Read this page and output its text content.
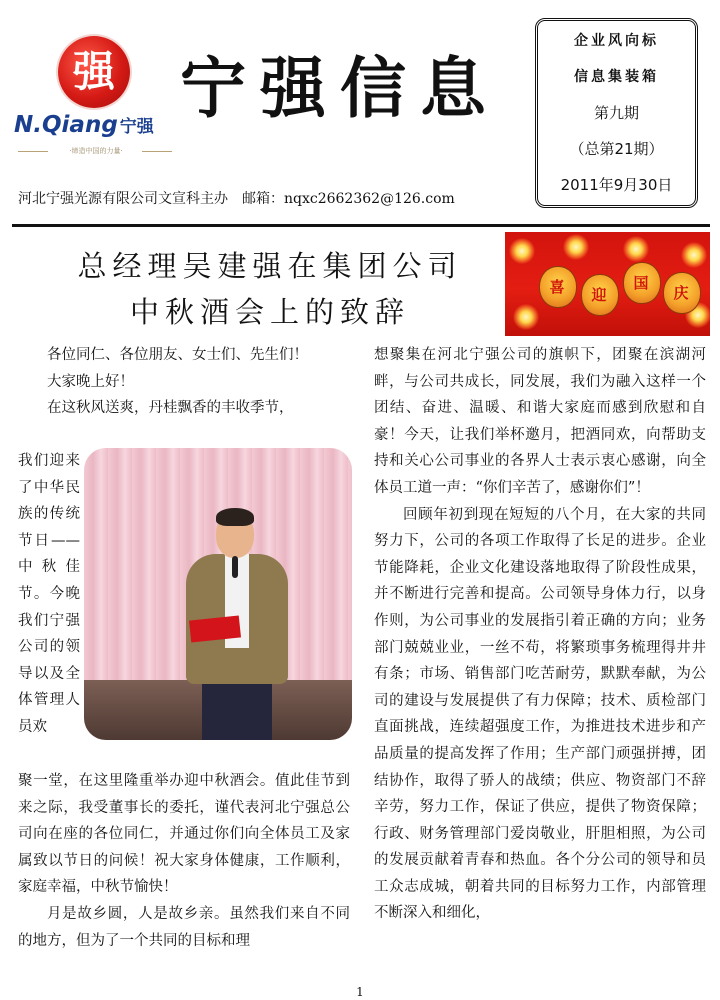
强
N.Qiang 宁强
·缔造中国的力量·
宁强信息
河北宁强光源有限公司文宣科主办　邮箱：nqxc2662362@126.com
企业风向标
信息集装箱
第九期
（总第21期）
2011年9月30日
总经理吴建强在集团公司
中秋酒会上的致辞
喜	迎
国
庆

各位同仁、各位朋友、女士们、先生们！

大家晚上好！

在这秋风送爽，丹桂飘香的丰收季节，

我们迎来了中华民族的传统节日——中秋佳节。今晚我们宁强公司的领导以及全体管理人员欢

聚一堂，在这里隆重举办迎中秋酒会。值此佳节到来之际，我受董事长的委托，谨代表河北宁强总公司向在座的各位同仁，并通过你们向全体员工及家属致以节日的问候！祝大家身体健康，工作顺利，家庭幸福，中秋节愉快！

月是故乡圆，人是故乡亲。虽然我们来自不同的地方，但为了一个共同的目标和理

想聚集在河北宁强公司的旗帜下，团聚在滨湖河畔，与公司共成长，同发展，我们为融入这样一个团结、奋进、温暖、和谐大家庭而感到欣慰和自豪！今天，让我们举杯邀月，把酒同欢，向帮助支持和关心公司事业的各界人士表示衷心感谢，向全体员工道一声：“你们辛苦了，感谢你们”！

回顾年初到现在短短的八个月，在大家的共同努力下，公司的各项工作取得了长足的进步。企业节能降耗，企业文化建设落地取得了阶段性成果，并不断进行完善和提高。公司领导身体力行，以身作则，为公司事业的发展指引着正确的方向；业务部门兢兢业业，一丝不苟，将繁琐事务梳理得井井有条；市场、销售部门吃苦耐劳，默默奉献，为公司的建设与发展提供了有力保障；技术、质检部门直面挑战，连续超强度工作，为推进技术进步和产品质量的提高发挥了作用；生产部门顽强拼搏，团结协作，取得了骄人的战绩；供应、物资部门不辞辛劳，努力工作，保证了供应，提供了物资保障；行政、财务管理部门爱岗敬业，肝胆相照，为公司的发展贡献着青春和热血。各个分公司的领导和员工众志成城，朝着共同的目标努力工作，内部管理不断深入和细化，

1
